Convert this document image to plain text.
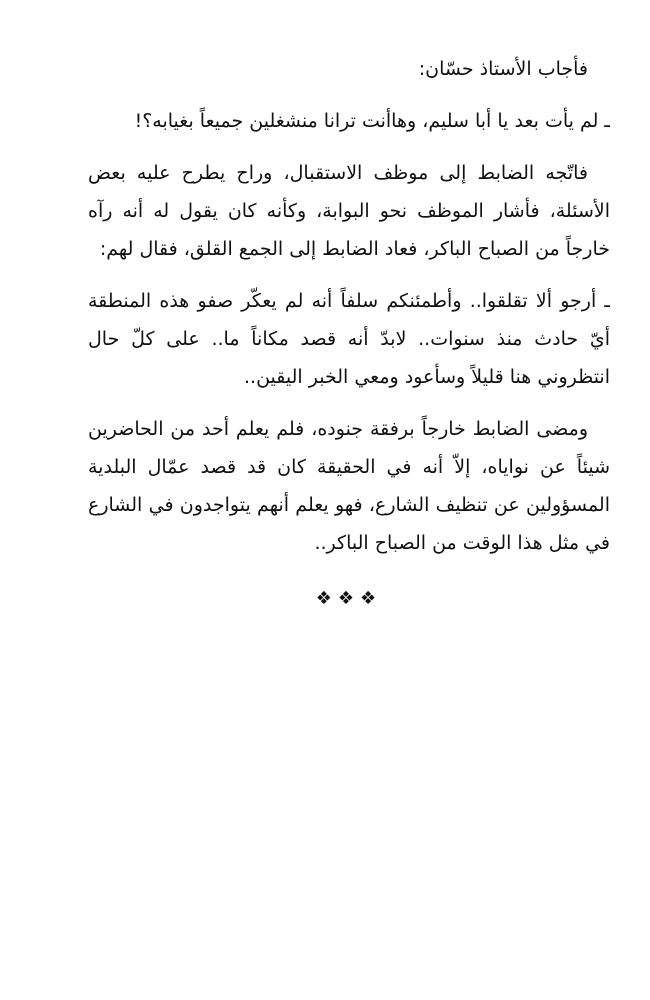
فأجاب الأستاذ حسّان:

ـ لم يأت بعد يا أبا سليم، وهاأنت ترانا منشغلين جميعاً بغيابه؟!

فاتّجه الضابط إلى موظف الاستقبال، وراح يطرح عليه بعض الأسئلة، فأشار الموظف نحو البوابة، وكأنه كان يقول له أنه رآه خارجاً من الصباح الباكر، فعاد الضابط إلى الجمع القلق، فقال لهم:

ـ أرجو ألا تقلقوا.. وأطمئنكم سلفاً أنه لم يعكّر صفو هذه المنطقة أيّ حادث منذ سنوات.. لابدّ أنه قصد مكاناً ما.. على كلّ حال انتظروني هنا قليلاً وسأعود ومعي الخبر اليقين..

ومضى الضابط خارجاً برفقة جنوده، فلم يعلم أحد من الحاضرين شيئاً عن نواياه، إلاّ أنه في الحقيقة كان قد قصد عمّال البلدية المسؤولين عن تنظيف الشارع، فهو يعلم أنهم يتواجدون في الشارع في مثل هذا الوقت من الصباح الباكر..

❖❖❖
